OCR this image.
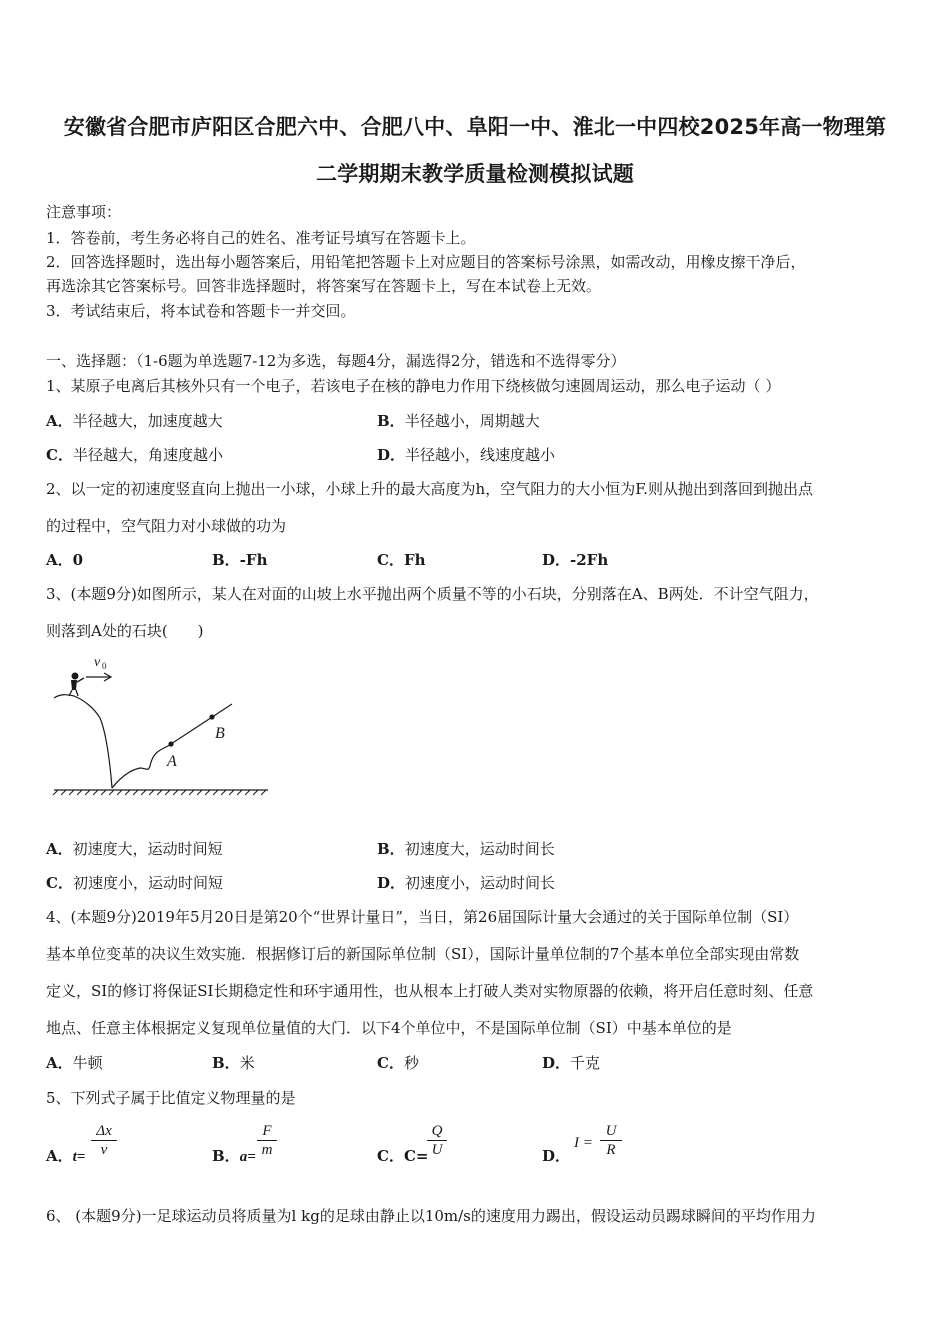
安徽省合肥市庐阳区合肥六中、合肥八中、阜阳一中、淮北一中四校2025年高一物理第
二学期期末教学质量检测模拟试题
注意事项：
1．答卷前，考生务必将自己的姓名、准考证号填写在答题卡上。
2．回答选择题时，选出每小题答案后，用铅笔把答题卡上对应题目的答案标号涂黑，如需改动，用橡皮擦干净后，
再选涂其它答案标号。回答非选择题时，将答案写在答题卡上，写在本试卷上无效。
3．考试结束后，将本试卷和答题卡一并交回。
一、选择题：（1-6题为单选题7-12为多选，每题4分，漏选得2分，错选和不选得零分）
1、某原子电离后其核外只有一个电子，若该电子在核的静电力作用下绕核做匀速圆周运动，那么电子运动（ ）
A．半径越大，加速度越大	B．半径越小，周期越大
C．半径越大，角速度越小	D．半径越小，线速度越小
2、以一定的初速度竖直向上抛出一小球，小球上升的最大高度为h，空气阻力的大小恒为F.则从抛出到落回到抛出点
的过程中，空气阻力对小球做的功为
A．0	B．-Fh	C．Fh	D．-2Fh
3、(本题9分)如图所示，某人在对面的山坡上水平抛出两个质量不等的小石块，分别落在A、B两处．不计空气阻力，
则落到A处的石块(　　)
v 0
A
B
A．初速度大，运动时间短	B．初速度大，运动时间长
C．初速度小，运动时间短	D．初速度小，运动时间长
4、(本题9分)2019年5月20日是第20个“世界计量日”，当日，第26届国际计量大会通过的关于国际单位制（SI）
基本单位变革的决议生效实施．根据修订后的新国际单位制（SI），国际计量单位制的7个基本单位全部实现由常数
定义，SI的修订将保证SI长期稳定性和环宇通用性，也从根本上打破人类对实物原器的依赖，将开启任意时刻、任意
地点、任意主体根据定义复现单位量值的大门．以下4个单位中，不是国际单位制（SI）中基本单位的是
A．牛顿	B．米	C．秒	D．千克
5、下列式子属于比值定义物理量的是
A．t=
Δx
v	B．a=
F
m	C．C=
Q
U	D．
I =
U
R
6、 (本题9分)一足球运动员将质量为l kg的足球由静止以10m/s的速度用力踢出，假设运动员踢球瞬间的平均作用力
